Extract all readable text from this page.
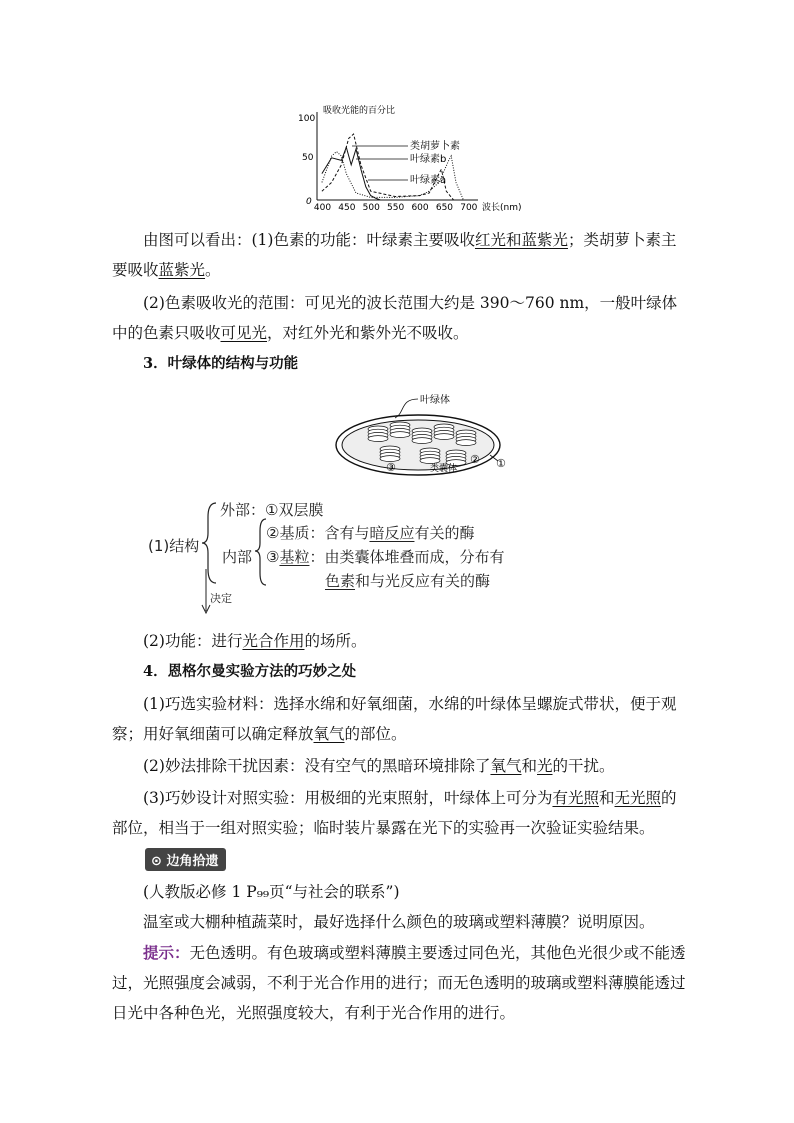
吸收光能的百分比
100
50
0
400 450 500 550 600 650 700 波长(nm)
类胡萝卜素
叶绿素b
叶绿素a

由图可以看出：(1)色素的功能：叶绿素主要吸收红光和蓝紫光；类胡萝卜素主要吸收蓝紫光。

(2)色素吸收光的范围：可见光的波长范围大约是 390～760 nm，一般叶绿体中的色素只吸收可见光，对红外光和紫外光不吸收。

3．叶绿体的结构与功能

叶绿体
③	类囊体
② ①
(1)结构
外部：①双层膜
内部
②基质：含有与暗反应有关的酶
③基粒：由类囊体堆叠而成，分布有
色素和与光反应有关的酶
决定

(2)功能：进行光合作用的场所。

4．恩格尔曼实验方法的巧妙之处

(1)巧选实验材料：选择水绵和好氧细菌，水绵的叶绿体呈螺旋式带状，便于观察；用好氧细菌可以确定释放氧气的部位。

(2)妙法排除干扰因素：没有空气的黑暗环境排除了氧气和光的干扰。

(3)巧妙设计对照实验：用极细的光束照射，叶绿体上可分为有光照和无光照的部位，相当于一组对照实验；临时装片暴露在光下的实验再一次验证实验结果。

⊙ 边角拾遗

(人教版必修 1 P₉₉页“与社会的联系”)

温室或大棚种植蔬菜时，最好选择什么颜色的玻璃或塑料薄膜？说明原因。

提示：无色透明。有色玻璃或塑料薄膜主要透过同色光，其他色光很少或不能透过，光照强度会减弱，不利于光合作用的进行；而无色透明的玻璃或塑料薄膜能透过日光中各种色光，光照强度较大，有利于光合作用的进行。
